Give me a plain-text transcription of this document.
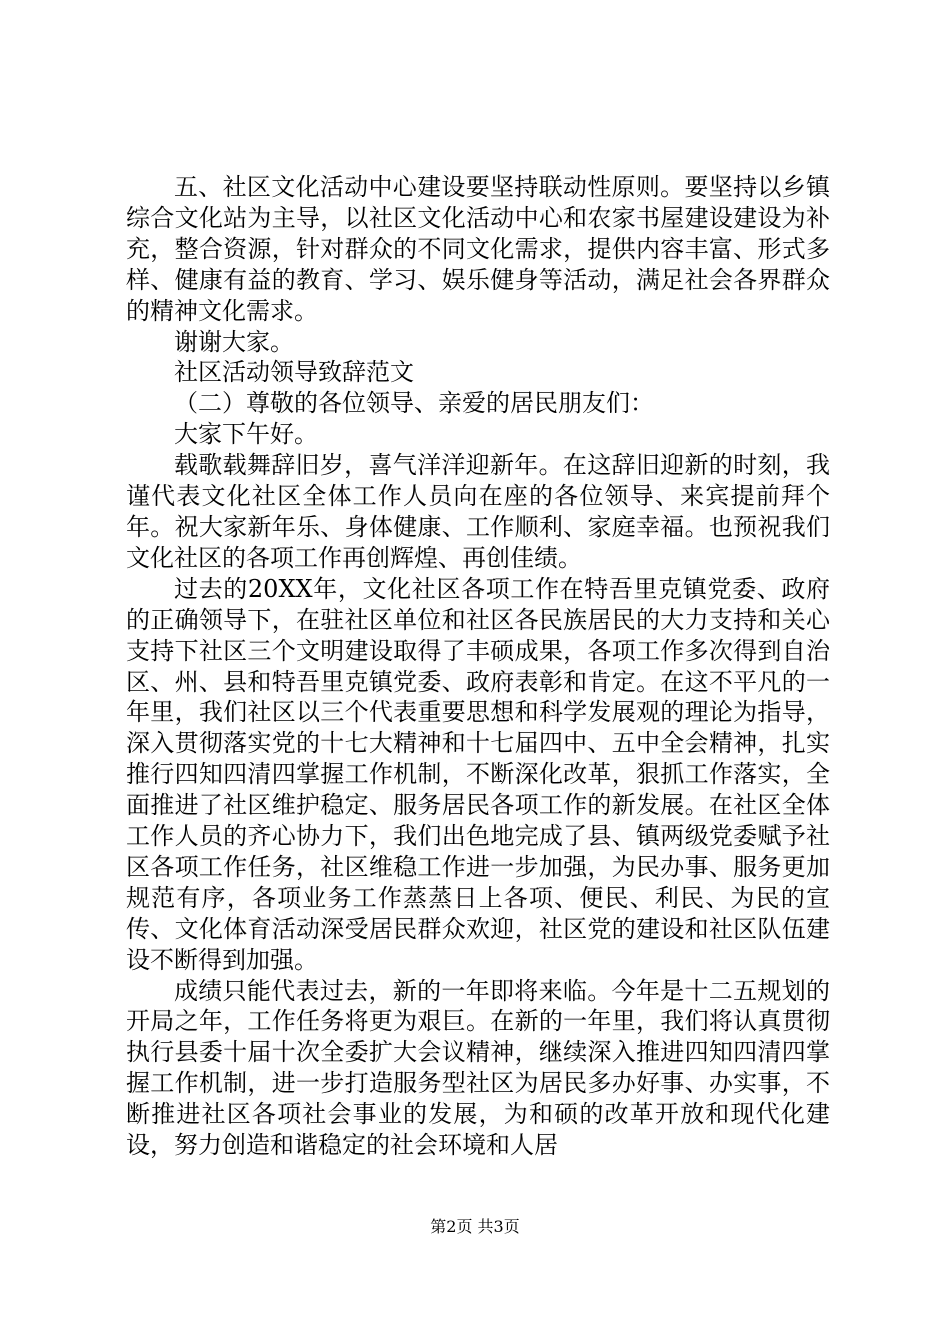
五、社区文化活动中心建设要坚持联动性原则。要坚持以乡镇综合文化站为主导，以社区文化活动中心和农家书屋建设建设为补充，整合资源，针对群众的不同文化需求，提供内容丰富、形式多样、健康有益的教育、学习、娱乐健身等活动，满足社会各界群众的精神文化需求。

谢谢大家。

社区活动领导致辞范文

（二）尊敬的各位领导、亲爱的居民朋友们：

大家下午好。

载歌载舞辞旧岁，喜气洋洋迎新年。在这辞旧迎新的时刻，我谨代表文化社区全体工作人员向在座的各位领导、来宾提前拜个年。祝大家新年乐、身体健康、工作顺利、家庭幸福。也预祝我们文化社区的各项工作再创辉煌、再创佳绩。

过去的20XX年，文化社区各项工作在特吾里克镇党委、政府的正确领导下，在驻社区单位和社区各民族居民的大力支持和关心支持下社区三个文明建设取得了丰硕成果，各项工作多次得到自治区、州、县和特吾里克镇党委、政府表彰和肯定。在这不平凡的一年里，我们社区以三个代表重要思想和科学发展观的理论为指导，深入贯彻落实党的十七大精神和十七届四中、五中全会精神，扎实推行四知四清四掌握工作机制，不断深化改革，狠抓工作落实，全面推进了社区维护稳定、服务居民各项工作的新发展。在社区全体工作人员的齐心协力下，我们出色地完成了县、镇两级党委赋予社区各项工作任务，社区维稳工作进一步加强，为民办事、服务更加规范有序，各项业务工作蒸蒸日上各项、便民、利民、为民的宣传、文化体育活动深受居民群众欢迎，社区党的建设和社区队伍建设不断得到加强。

成绩只能代表过去，新的一年即将来临。今年是十二五规划的开局之年，工作任务将更为艰巨。在新的一年里，我们将认真贯彻执行县委十届十次全委扩大会议精神，继续深入推进四知四清四掌握工作机制，进一步打造服务型社区为居民多办好事、办实事，不断推进社区各项社会事业的发展，为和硕的改革开放和现代化建设，努力创造和谐稳定的社会环境和人居

第2页 共3页
